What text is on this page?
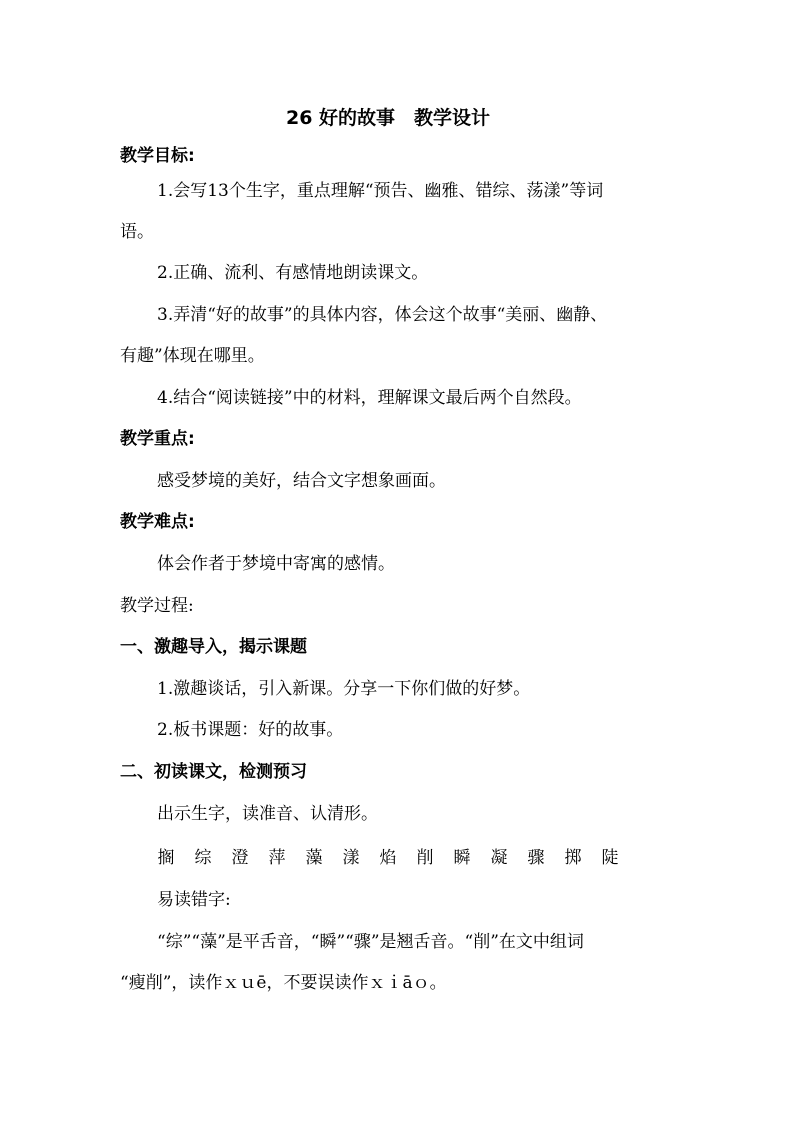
26 好的故事　教学设计
教学目标:
1.会写13个生字，重点理解“预告、幽雅、错综、荡漾”等词
语。
2.正确、流利、有感情地朗读课文。
3.弄清“好的故事”的具体内容，体会这个故事“美丽、幽静、
有趣”体现在哪里。
4.结合“阅读链接”中的材料，理解课文最后两个自然段。
教学重点:
感受梦境的美好，结合文字想象画面。
教学难点:
体会作者于梦境中寄寓的感情。
教学过程:
一、激趣导入，揭示课题
1.激趣谈话，引入新课。分享一下你们做的好梦。
2.板书课题：好的故事。
二、初读课文，检测预习
出示生字，读准音、认清形。
搁 综 澄 萍 藻 漾 焰 削 瞬 凝 骤 掷 陡
易读错字:
“综”“藻”是平舌音，“瞬”“骤”是翘舌音。“削”在文中组词
“瘦削”，读作ｘｕē，不要误读作ｘｉāｏ。
